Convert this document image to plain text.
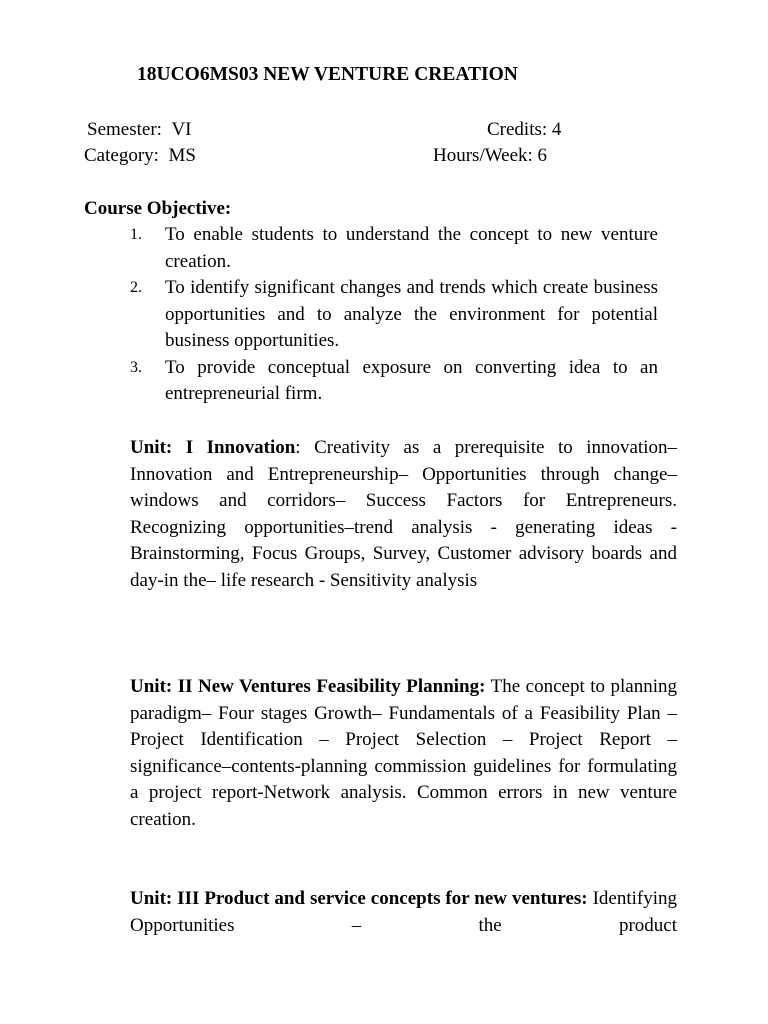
18UCO6MS03 NEW VENTURE CREATION
Semester: VI	Credits: 4
Category: MS	Hours/Week: 6
Course Objective:
1. To enable students to understand the concept to new venture creation.
2. To identify significant changes and trends which create business opportunities and to analyze the environment for potential business opportunities.
3. To provide conceptual exposure on converting idea to an entrepreneurial firm.
Unit: I Innovation: Creativity as a prerequisite to innovation– Innovation and Entrepreneurship– Opportunities through change– windows and corridors– Success Factors for Entrepreneurs. Recognizing opportunities–trend analysis - generating ideas - Brainstorming, Focus Groups, Survey, Customer advisory boards and day-in the– life research - Sensitivity analysis
Unit: II New Ventures Feasibility Planning: The concept to planning paradigm– Four stages Growth– Fundamentals of a Feasibility Plan – Project Identification – Project Selection – Project Report – significance–contents-planning commission guidelines for formulating a project report-Network analysis. Common errors in new venture creation.
Unit: III Product and service concepts for new ventures: Identifying Opportunities – the product
